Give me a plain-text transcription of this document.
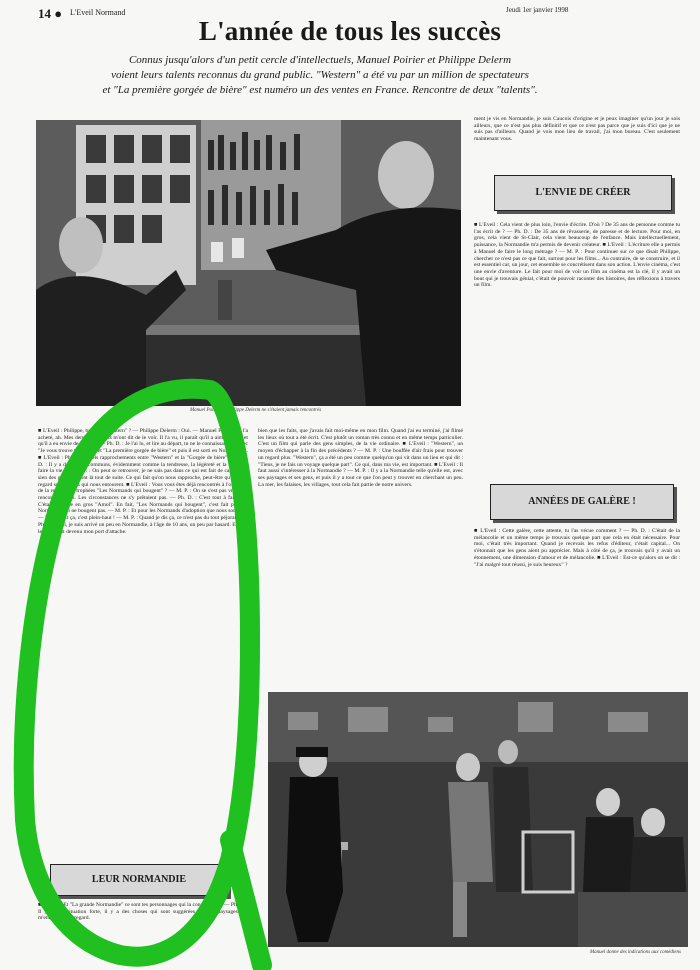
14 ● L'Eveil Normand	Jeudi 1er janvier 1998
L'année de tous les succès
Connus jusqu'alors d'un petit cercle d'intellectuels, Manuel Poirier et Philippe Delerm
voient leurs talents reconnus du grand public. "Western" a été vu par un million de spectateurs
et "La première gorgée de bière" est numéro un des ventes en France. Rencontre de deux "talents".
Manuel Poirier et Philippe Delerm ne s'étaient jamais rencontrés

ment je vis en Normandie, je suis Caucois d'origine et je peux imaginer qu'un jour je sois ailleurs, que ce n'est pas plus définitif et que ce n'est pas parce que je suis d'ici que je ne suis pas d'ailleurs. Quand je vois mon lieu de travail, j'ai mon bureau. C'est seulement maintenant vous.

L'ENVIE DE CRÉER

■ L'Eveil : Cela vient de plus loin, l'envie d'écrire. D'où ? De 35 ans de personne comme tu l'as écrit de ? — Ph. D. : De 35 ans de rêvasserie, de paresse et de lecture. Pour moi, en gros, cela vient de St-Clair, cela vient beaucoup de l'enfance. Mais intellectuellement, puissance, la Normandie m'a permis de devenir créateur. ■ L'Eveil : L'écriture elle a permis à Manuel de faire le long métrage ? — M. P. : Pour continuer sur ce que disait Philippe, chercher ce n'est pas ce que fait, surtout pour les films... Au contraire, de se construire, et il est essentiel car, un jour, cet ensemble se concrétisent dans son action. L'envie cinéma, c'est une envie d'aventure. Le fait pour moi de voir un film au cinéma est la clé, il y avait un bout qui je trouvais génial, c'était de pouvoir raconter des histoires, des réflexions à travers un film.

ANNÉES DE GALÈRE !

■ L'Eveil : Cette galère, cette attente, tu l'as vécue comment ? — Ph. D. : C'était de la mélancolie et un même temps je trouvais quelque part que cela en était nécessaire. Pour moi, c'était très important. Quand je recevais les refus d'éditeur, c'était capital... On s'étonnait que les gens aient pu apprécier. Mais à côté de ça, je trouvais qu'il y avait un étonnement, une dimension d'amour et de mélancolie. ■ L'Eveil : Est-ce qu'alors on se dit : "J'ai malgré tout réussi, je suis heureux" ?

■ L'Eveil : Philippe, tu as vu "Western" ? — Philippe Delerm : Oui. — Manuel Poirier : Il l'a acheté, ah. Mes derniers copains m'ont dit de le voir. Il l'a vu, il paraît qu'il a aimé le film et qu'il a eu envie de le voir... — Ph. D. : Je l'ai lu, et lire au départ, tu ne le connaissais pas avec "Je vous trouve très beau" et "La première gorgée de bière" et puis il est sorti en Normandie... ■ L'Eveil : Philippe, quels rapprochements entre "Western" et la "Gorgée de bière" ? — Ph. D. : Il y a des points communs, évidemment comme la tendresse, la légèreté et la façon de faire la vie... — M. P. : On peut se retrouver, je ne sais pas dans ce qui est fait de capital, du sien des gens qui sont là tout de suite. Ce qui fait qu'on nous rapproche, peut-être qu'on a un regard sur les gens qui nous entourent. ■ L'Eveil : Vous vous êtes déjà rencontrés à l'occasion de la remise des trophées "Les Normands qui bougent" ? — M. P. : On se s'est pas vraiment rencontrés alors. Les circonstances ne s'y prêtaient pas. — Ph. D. : C'est tout à fait vrai. C'était l'arrivée en gros "Amol". En fait, "Les Normands qui bougent", c'est fait par des Normands qui ne bougent pas. — M. P. : Et pour les Normands d'adoption que nous sommes. — Ph. D. : Et ça, c'est plein-haut ! — M. P. : Quand je dis ça, ce n'est pas du tout péjoratif. — Ph. D. : Moi, je suis arrivé un peu en Normandie, à l'âge de 10 ans, un peu par hasard. Et puis le Havre est devenu mon port d'attache.

LEUR NORMANDIE

■ L'Eveil : Et "La grande Normandie" ce sont tes personnages qui la connaissent ? — Ph. D. : Il y a une situation forte, il y a des choses qui sont suggérées par les paysages qui m'entourent, un regard.

bien que les faits, que j'avais fait moi-même en mon film. Quand j'ai eu terminé, j'ai filmé les lieux où tout a été écrit. C'est plutôt un roman très connu et en même temps particulier. C'est un film qui parle des gens simples, de la vie ordinaire. ■ L'Eveil : "Western", un moyen d'échapper à la fin des précédents ? — M. P. : Une bouffée d'air frais pour trouver un regard plus. "Western", ça a été un peu comme quelqu'un qui vit dans un lieu et qui dit : "Tiens, je ne fais un voyage quelque part". Ce qui, dans ma vie, est important. ■ L'Eveil : Il faut aussi s'intéresser à la Normandie ? — M. P. : Il y a la Normandie telle qu'elle est, avec ses paysages et ses gens, et puis il y a tout ce que l'on peut y trouver en cherchant un peu. La mer, les falaises, les villages, tout cela fait partie de notre univers.

Manuel donne des indications aux comédiens
